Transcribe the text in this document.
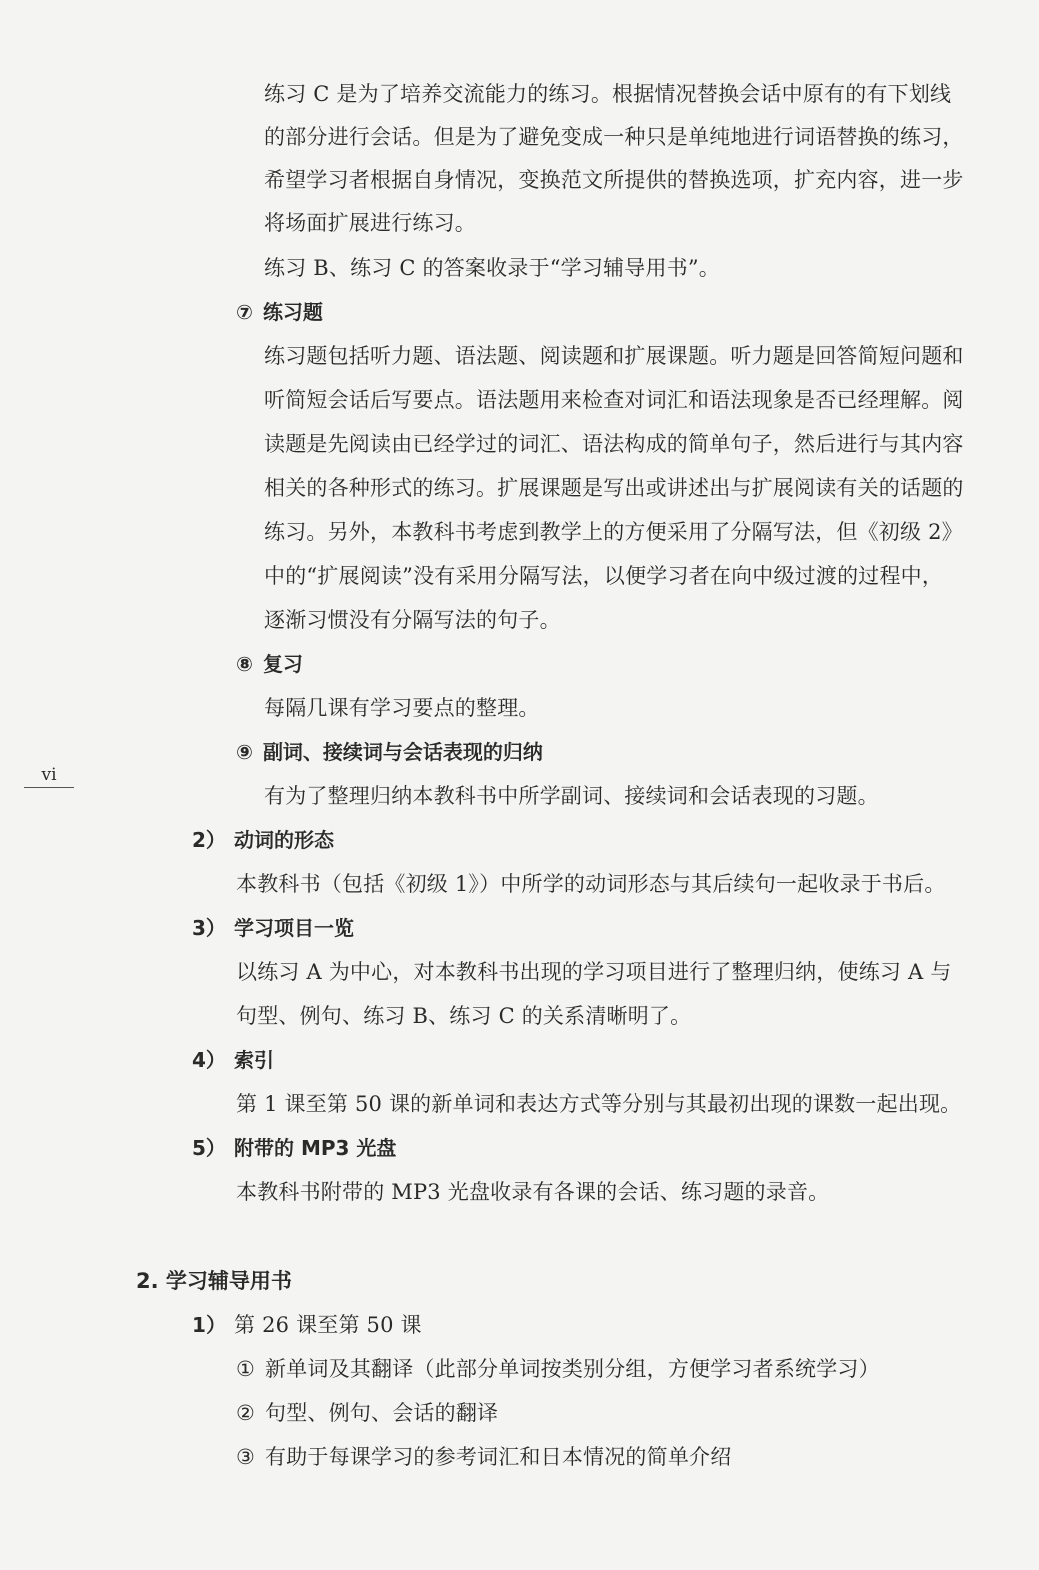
练习 C 是为了培养交流能力的练习。根据情况替换会话中原有的有下划线
的部分进行会话。但是为了避免变成一种只是单纯地进行词语替换的练习，
希望学习者根据自身情况，变换范文所提供的替换选项，扩充内容，进一步
将场面扩展进行练习。
练习 B、练习 C 的答案收录于“学习辅导用书”。
⑦ 练习题
练习题包括听力题、语法题、阅读题和扩展课题。听力题是回答简短问题和
听简短会话后写要点。语法题用来检查对词汇和语法现象是否已经理解。阅
读题是先阅读由已经学过的词汇、语法构成的简单句子，然后进行与其内容
相关的各种形式的练习。扩展课题是写出或讲述出与扩展阅读有关的话题的
练习。另外，本教科书考虑到教学上的方便采用了分隔写法，但《初级 2》
中的“扩展阅读”没有采用分隔写法，以便学习者在向中级过渡的过程中，
逐渐习惯没有分隔写法的句子。
⑧ 复习
每隔几课有学习要点的整理。
⑨ 副词、接续词与会话表现的归纳
有为了整理归纳本教科书中所学副词、接续词和会话表现的习题。
vi
2） 动词的形态
本教科书（包括《初级 1》）中所学的动词形态与其后续句一起收录于书后。
3） 学习项目一览
以练习 A 为中心，对本教科书出现的学习项目进行了整理归纳，使练习 A 与
句型、例句、练习 B、练习 C 的关系清晰明了。
4） 索引
第 1 课至第 50 课的新单词和表达方式等分别与其最初出现的课数一起出现。
5） 附带的 MP3 光盘
本教科书附带的 MP3 光盘收录有各课的会话、练习题的录音。
2. 学习辅导用书
1） 第 26 课至第 50 课
① 新单词及其翻译（此部分单词按类别分组，方便学习者系统学习）
② 句型、例句、会话的翻译
③ 有助于每课学习的参考词汇和日本情况的简单介绍
